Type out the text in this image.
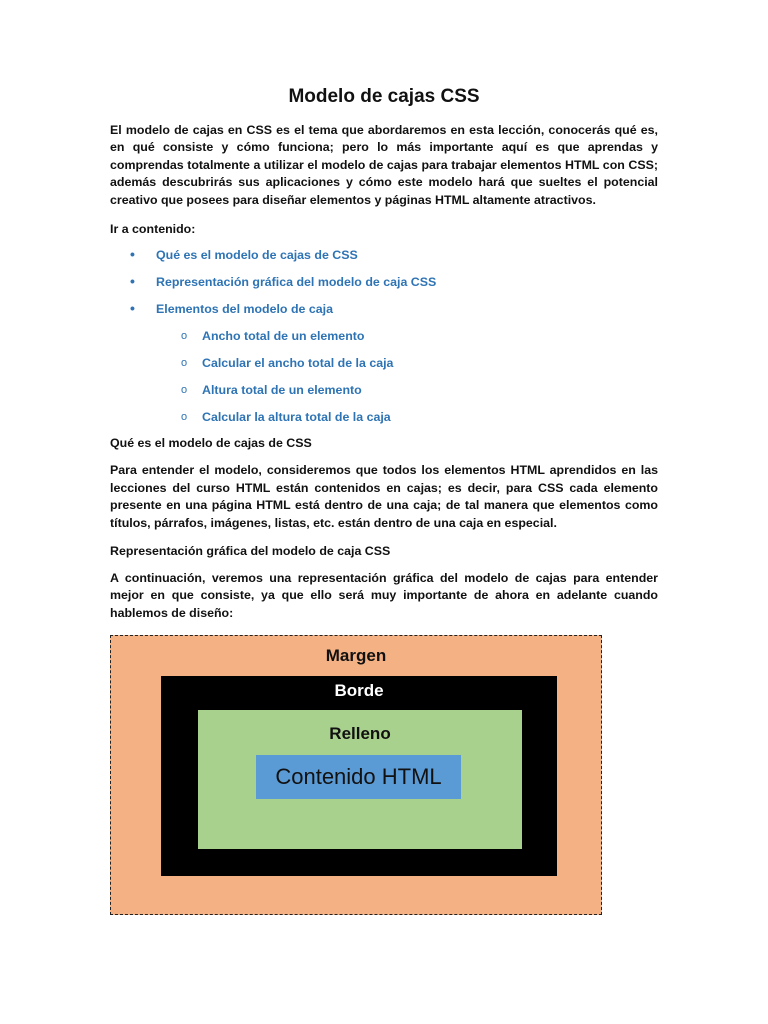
Modelo de cajas CSS

El modelo de cajas en CSS es el tema que abordaremos en esta lección, conocerás qué es, en qué consiste y cómo funciona; pero lo más importante aquí es que aprendas y comprendas totalmente a utilizar el modelo de cajas para trabajar elementos HTML con CSS; además descubrirás sus aplicaciones y cómo este modelo hará que sueltes el potencial creativo que posees para diseñar elementos y páginas HTML altamente atractivos.

Ir a contenido:

• Qué es el modelo de cajas de CSS
• Representación gráfica del modelo de caja CSS
• Elementos del modelo de caja
o Ancho total de un elemento
o Calcular el ancho total de la caja
o Altura total de un elemento
o Calcular la altura total de la caja
Qué es el modelo de cajas de CSS

Para entender el modelo, consideremos que todos los elementos HTML aprendidos en las lecciones del curso HTML están contenidos en cajas; es decir, para CSS cada elemento presente en una página HTML está dentro de una caja; de tal manera que elementos como títulos, párrafos, imágenes, listas, etc. están dentro de una caja en especial.

Representación gráfica del modelo de caja CSS

A continuación, veremos una representación gráfica del modelo de cajas para entender mejor en que consiste, ya que ello será muy importante de ahora en adelante cuando hablemos de diseño:

Margen
Borde
Relleno
Contenido HTML
